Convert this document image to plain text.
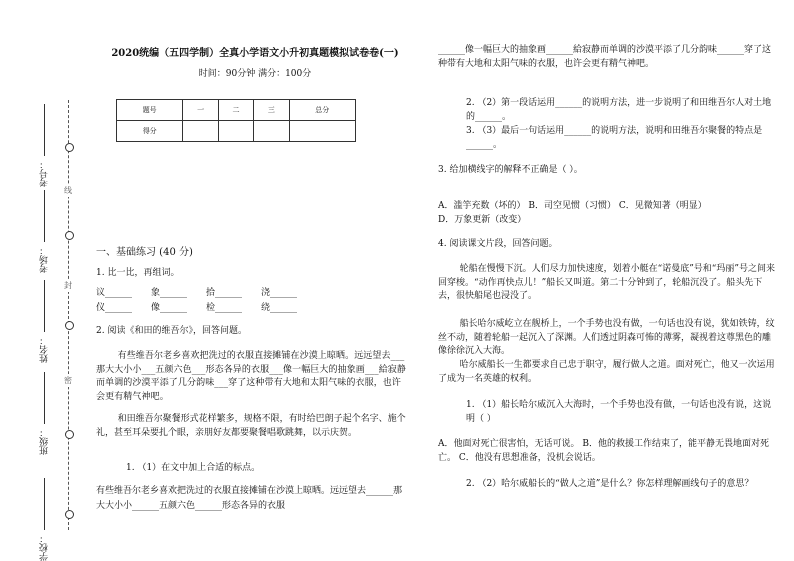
考号：
考场：
姓名：
班级：
学校：
线
封
密
2020统编（五四学制）全真小学语文小升初真题模拟试卷卷(一)
时间：90分钟 满分：100分
题号	一	二	三	总分
得分				
一、基础练习 (40 分)
1. 比一比，再组词。
议______	象______	拾______	浇______
仪______	像______	检______	绕______
2. 阅读《和田的维吾尔》，回答问题。
有些维吾尔老乡喜欢把洗过的衣服直接摊铺在沙漠上晾晒。远远望去___那大大小小___五颜六色___形态各异的衣服___像一幅巨大的抽象画___給寂静而单调的沙漠平添了几分韵味___穿了这种带有大地和太阳气味的衣服，也许会更有精气神吧。
和田维吾尔聚餐形式花样繁多，规格不限，有时给巴朗子起个名字、施个礼，甚至耳朵要扎个眼，亲朋好友都要聚餐唱歌跳舞，以示庆贺。
1. （1）在文中加上合适的标点。
有些维吾尔老乡喜欢把洗过的衣服直接摊铺在沙漠上晾晒。远远望去______那大大小小______五颜六色______形态各异的衣服
______像一幅巨大的抽象画______給寂静而单调的沙漠平添了几分韵味______穿了这种带有大地和太阳气味的衣服，也许会更有精气神吧。
2. （2）第一段话运用______的说明方法，进一步说明了和田维吾尔人对土地的______。
3. （3）最后一句话运用______的说明方法，说明和田维吾尔聚餐的特点是______。
3. 给加横线字的解释不正确是（ ）。
A．滥竽充数（坏的） B．司空见惯（习惯） C．见微知著（明显）
D．万象更新（改变）
4. 阅读课文片段，回答问题。
轮船在慢慢下沉。人们尽力加快速度，划着小艇在“诺曼底”号和“玛丽”号之间来回穿梭。“动作再快点儿！”船长又叫道。第二十分钟到了，轮船沉没了。船头先下去，很快船尾也浸没了。
船长哈尔威屹立在舰桥上，一个手势也没有做，一句话也没有说，犹如铁铸，纹丝不动，随着轮船一起沉入了深渊。人们透过阴森可怖的薄雾，凝视着这尊黑色的雕像徐徐沉入大海。
哈尔威船长一生都要求自己忠于职守，履行做人之道。面对死亡，他又一次运用了成为一名英雄的权利。
1. （1）船长哈尔威沉入大海时，一个手势也没有做，一句话也没有说，这说明（ ）
A．他面对死亡很害怕，无话可说。 B．他的救援工作结束了，能平静无畏地面对死亡。 C．他没有思想准备，没机会说话。
2. （2）哈尔威船长的“做人之道”是什么？你怎样理解画线句子的意思？
